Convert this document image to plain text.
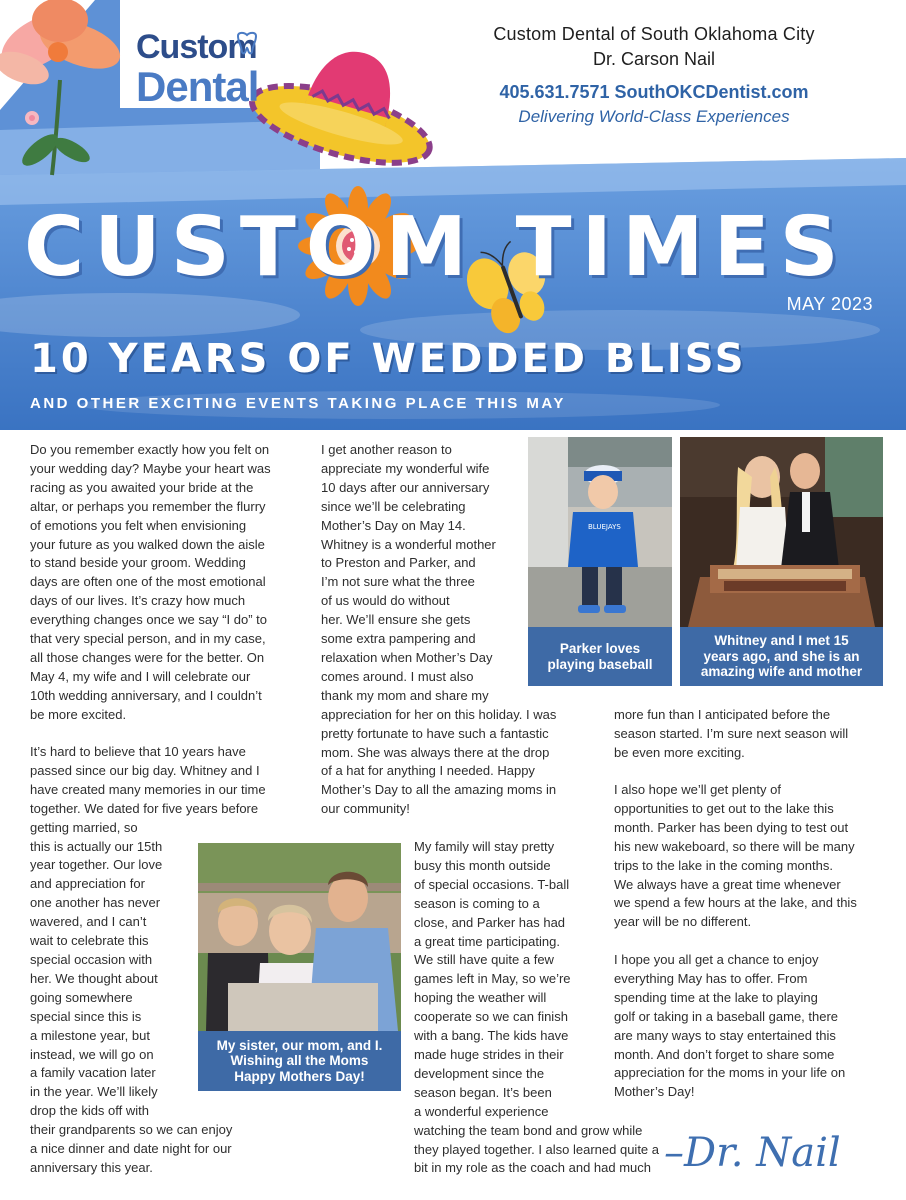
Custom
Dental
Custom Dental of South Oklahoma City
Dr. Carson Nail
405.631.7571 SouthOKCDentist.com
Delivering World-Class Experiences
CUSTOM TIMES
MAY 2023
10 YEARS OF WEDDED BLISS
AND OTHER EXCITING EVENTS TAKING PLACE THIS MAY
Do you remember exactly how you felt on
your wedding day? Maybe your heart was
racing as you awaited your bride at the
altar, or perhaps you remember the flurry
of emotions you felt when envisioning
your future as you walked down the aisle
to stand beside your groom. Wedding
days are often one of the most emotional
days of our lives. It’s crazy how much
everything changes once we say “I do” to
that very special person, and in my case,
all those changes were for the better. On
May 4, my wife and I will celebrate our
10th wedding anniversary, and I couldn’t
be more excited.
It’s hard to believe that 10 years have
passed since our big day. Whitney and I
have created many memories in our time
together. We dated for five years before
getting married, so
this is actually our 15th
year together. Our love
and appreciation for
one another has never
wavered, and I can’t
wait to celebrate this
special occasion with
her. We thought about
going somewhere
special since this is
a milestone year, but
instead, we will go on
a family vacation later
in the year. We’ll likely
drop the kids off with
their grandparents so we can enjoy
a nice dinner and date night for our
anniversary this year.
I get another reason to
appreciate my wonderful wife
10 days after our anniversary
since we’ll be celebrating
Mother’s Day on May 14.
Whitney is a wonderful mother
to Preston and Parker, and
I’m not sure what the three
of us would do without
her. We’ll ensure she gets
some extra pampering and
relaxation when Mother’s Day
comes around. I must also
thank my mom and share my
appreciation for her on this holiday. I was
pretty fortunate to have such a fantastic
mom. She was always there at the drop
of a hat for anything I needed. Happy
Mother’s Day to all the amazing moms in
our community!
My family will stay pretty
busy this month outside
of special occasions. T-ball
season is coming to a
close, and Parker has had
a great time participating.
We still have quite a few
games left in May, so we’re
hoping the weather will
cooperate so we can finish
with a bang. The kids have
made huge strides in their
development since the
season began. It’s been
a wonderful experience
watching the team bond and grow while
they played together. I also learned quite a
bit in my role as the coach and had much
more fun than I anticipated before the
season started. I’m sure next season will
be even more exciting.
I also hope we’ll get plenty of
opportunities to get out to the lake this
month. Parker has been dying to test out
his new wakeboard, so there will be many
trips to the lake in the coming months.
We always have a great time whenever
we spend a few hours at the lake, and this
year will be no different.
I hope you all get a chance to enjoy
everything May has to offer. From
spending time at the lake to playing
golf or taking in a baseball game, there
are many ways to stay entertained this
month. And don’t forget to share some
appreciation for the moms in your life on
Mother’s Day!
BLUEJAYS
Parker loves
playing baseball
Whitney and I met 15
years ago, and she is an
amazing wife and mother
My sister, our mom, and I.
Wishing all the Moms
Happy Mothers Day!
–Dr. Nail
